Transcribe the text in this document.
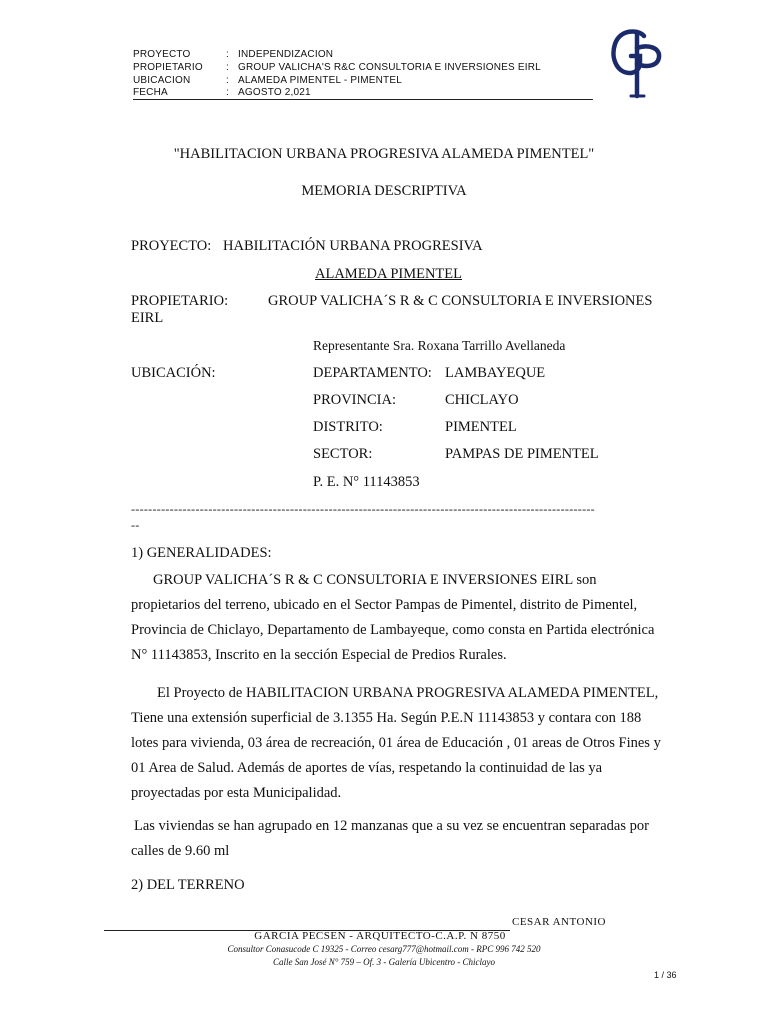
PROYECTO	: INDEPENDIZACION
PROPIETARIO : GROUP VALICHA'S R&C CONSULTORIA E INVERSIONES EIRL
UBICACION	: ALAMEDA PIMENTEL - PIMENTEL
FECHA	: AGOSTO 2,021
"HABILITACION URBANA PROGRESIVA ALAMEDA PIMENTEL"
MEMORIA DESCRIPTIVA
PROYECTO: HABILITACIÓN URBANA PROGRESIVA
ALAMEDA PIMENTEL
PROPIETARIO:	GROUP VALICHA´S R & C CONSULTORIA E INVERSIONES
EIRL
Representante Sra. Roxana Tarrillo Avellaneda
UBICACIÓN:	DEPARTAMENTO: LAMBAYEQUE
PROVINCIA:	CHICLAYO
DISTRITO:	PIMENTEL
SECTOR:	PAMPAS DE PIMENTEL
P. E. N° 11143853
------------------------------------------------------------------------------------------------------------
--
1) GENERALIDADES:
GROUP VALICHA´S R & C CONSULTORIA E INVERSIONES EIRL son
propietarios del terreno, ubicado en el Sector Pampas de Pimentel, distrito de Pimentel,
Provincia de Chiclayo, Departamento de Lambayeque, como consta en Partida electrónica
N° 11143853, Inscrito en la sección Especial de Predios Rurales.
El Proyecto de HABILITACION URBANA PROGRESIVA ALAMEDA PIMENTEL,
Tiene una extensión superficial de 3.1355 Ha. Según P.E.N 11143853 y contara con 188
lotes para vivienda, 03 área de recreación, 01 área de Educación , 01 areas de Otros Fines y
01 Area de Salud. Además de aportes de vías, respetando la continuidad de las ya
proyectadas por esta Municipalidad.
Las viviendas se han agrupado en 12 manzanas que a su vez se encuentran separadas por
calles de 9.60 ml
2) DEL TERRENO
CESAR ANTONIO
GARCIA PECSEN - ARQUITECTO-C.A.P. N 8750
Consultor Conasucode C 19325 - Correo cesarg777@hotmail.com - RPC 996 742 520
Calle San José N° 759 – Of. 3 - Galería Ubicentro - Chiclayo
1 / 36
